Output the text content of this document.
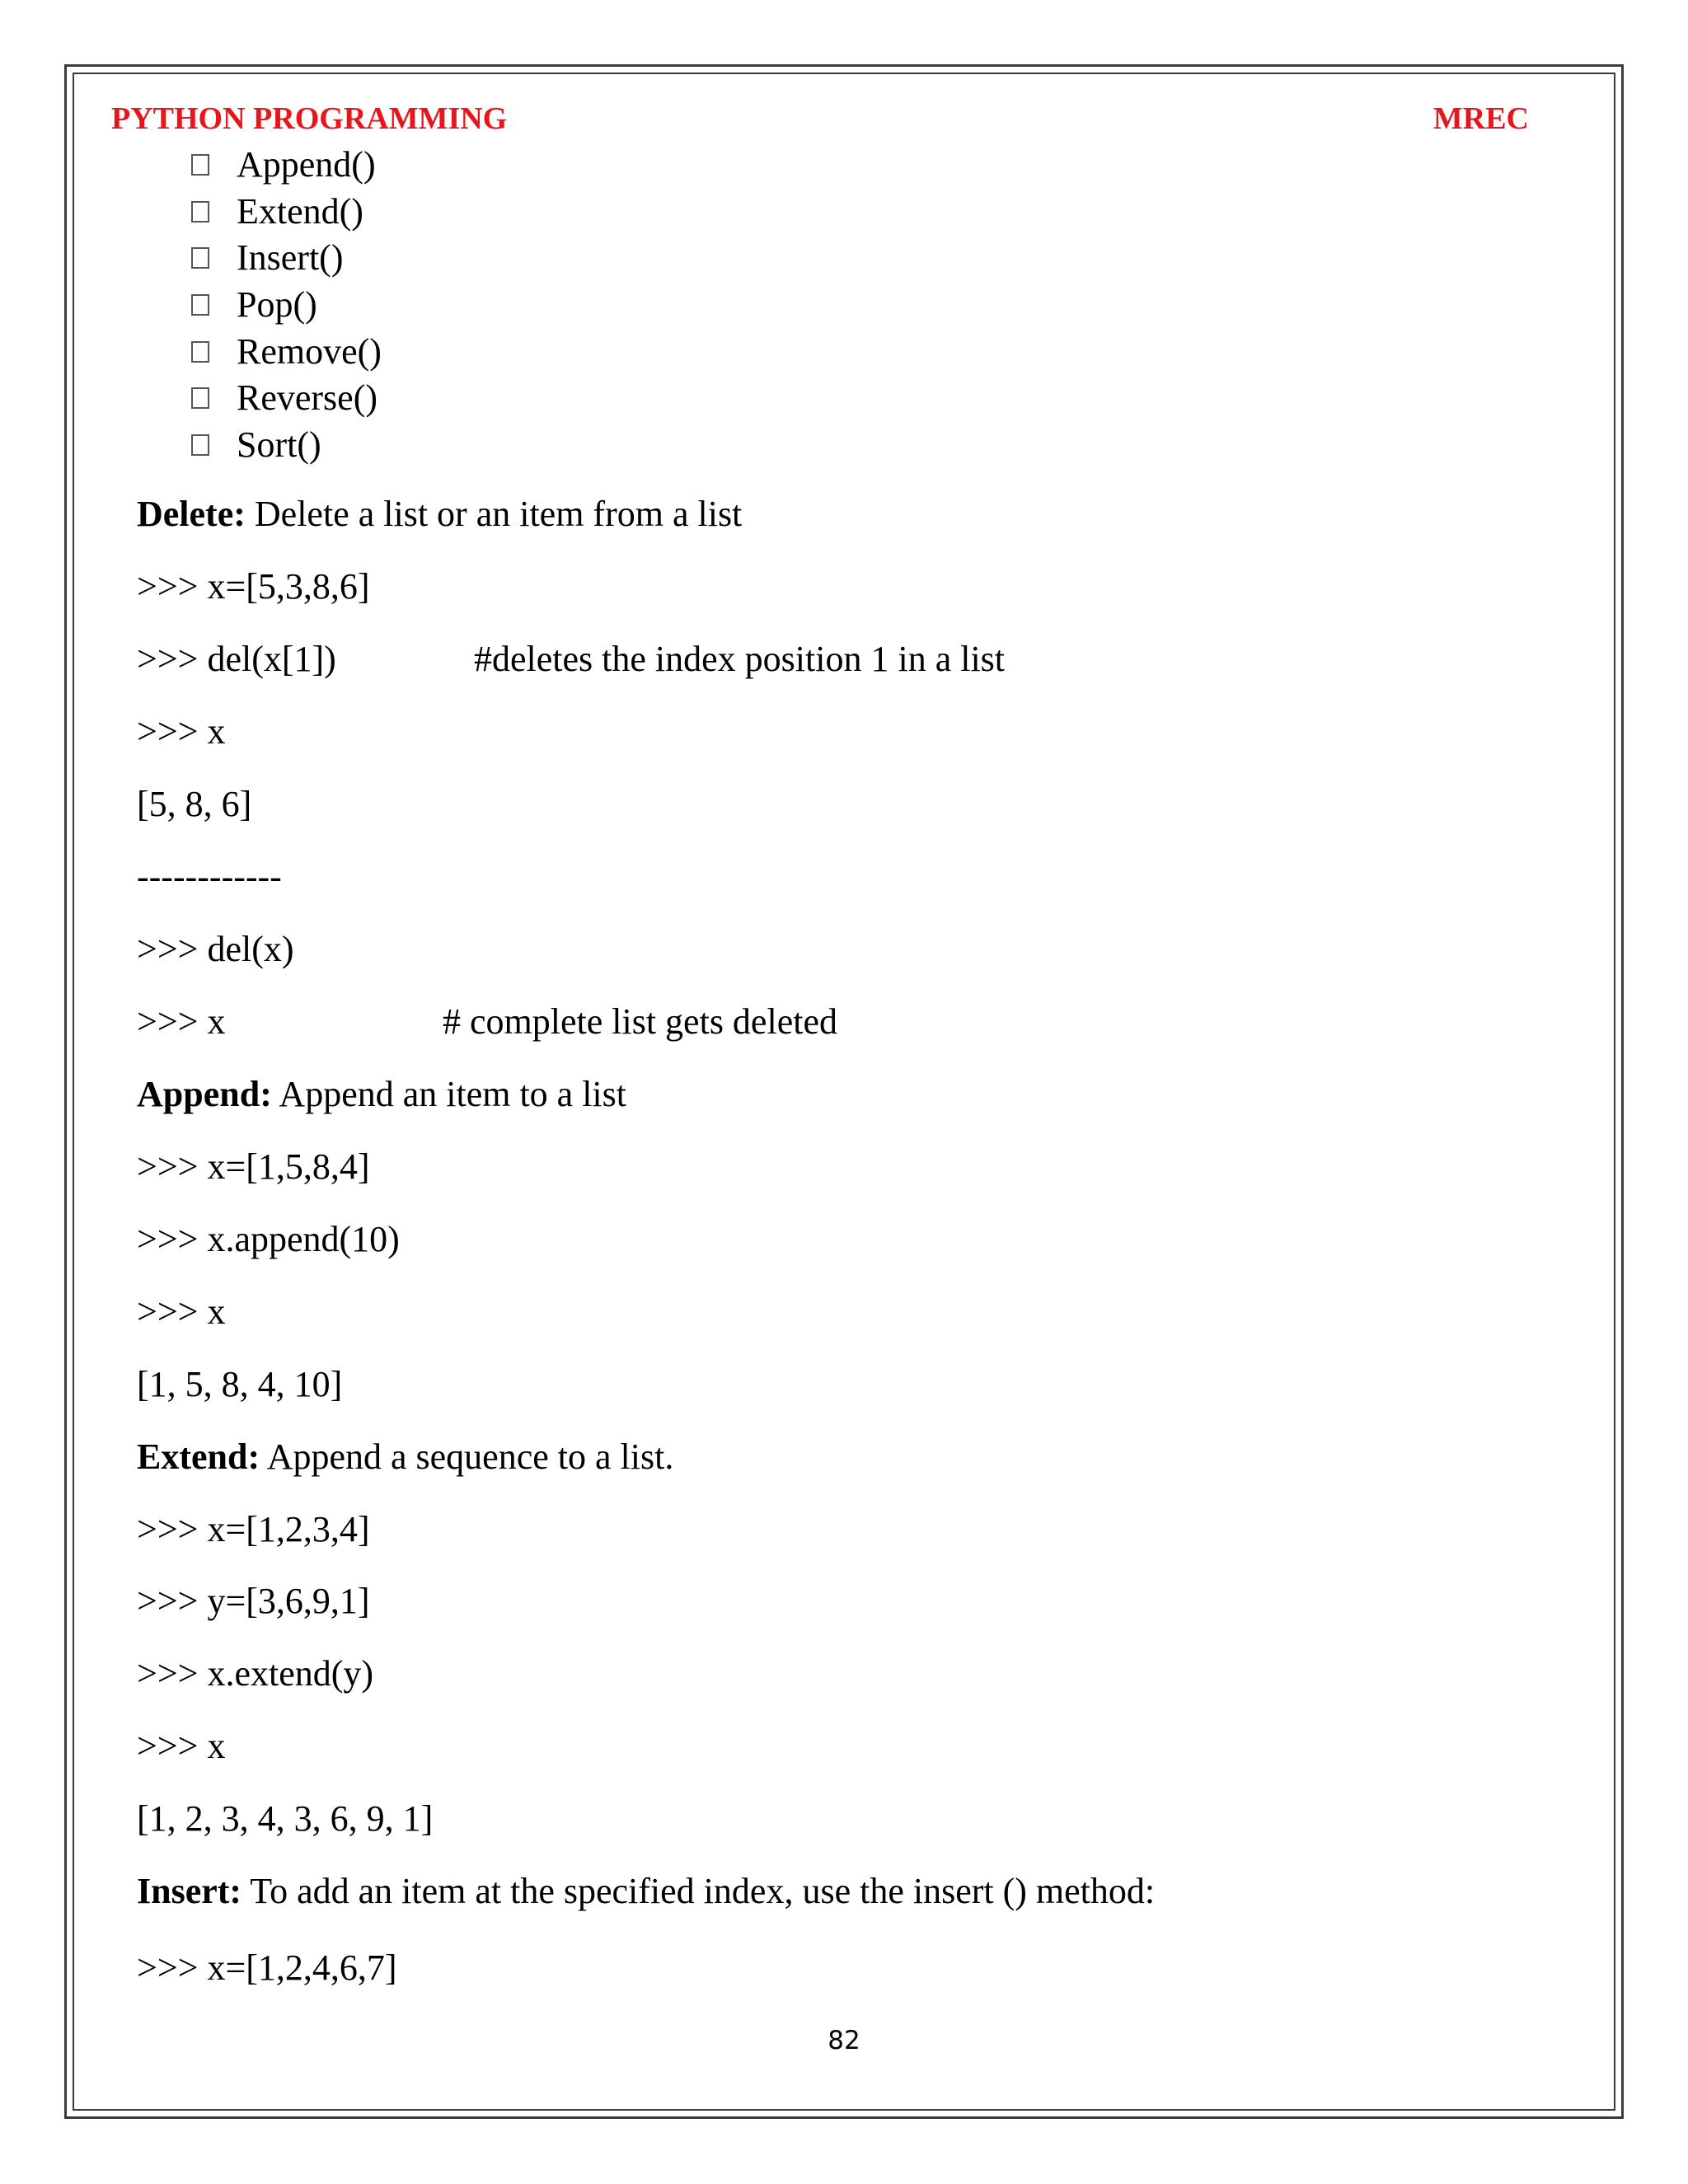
PYTHON PROGRAMMING	MREC
Append()
Extend()
Insert()
Pop()
Remove()
Reverse()
Sort()
Delete: Delete a list or an item from a list
>>> x=[5,3,8,6]
>>> del(x[1])	#deletes the index position 1 in a list
>>> x
[5, 8, 6]
------------
>>> del(x)
>>> x	# complete list gets deleted
Append: Append an item to a list
>>> x=[1,5,8,4]
>>> x.append(10)
>>> x
[1, 5, 8, 4, 10]
Extend: Append a sequence to a list.
>>> x=[1,2,3,4]
>>> y=[3,6,9,1]
>>> x.extend(y)
>>> x
[1, 2, 3, 4, 3, 6, 9, 1]
Insert: To add an item at the specified index, use the insert () method:
>>> x=[1,2,4,6,7]
82
